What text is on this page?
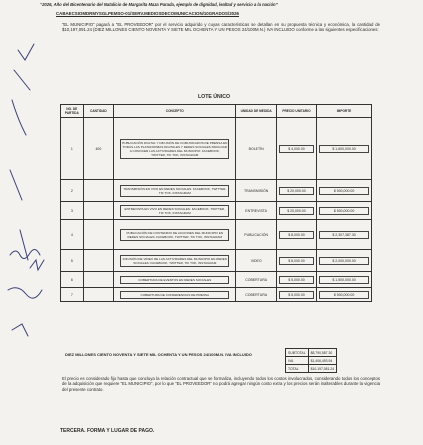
“2026, Año del Bicentenario del Natalicio de Margarita Maza Parada, ejemplo de dignidad, lealtad y servicio a la nación”
CABAECSIOMDRMYSGLPEMSO-01/SERV.MEDIOSDECOMUNICACION/10GRADOS/2026
“EL MUNICIPIO” pagará a “EL PROVEEDOR” por el servicio adquirido y cuyas características se detallan en su propuesta técnica y económica, la cantidad de $10,197,091.24 (DIEZ MILLONES CIENTO NOVENTA Y SIETE MIL OCHENTA Y UN PESOS 24/100M.N.) IVA INCLUIDO conforme a las siguientes especificaciones:
LOTE ÚNICO
NO. DE PARTIDA	CANTIDAD	CONCEPTO	UNIDAD DE MEDIDA	PRECIO UNITARIO	IMPORTE

1	400	PUBLICACIÓN DIGITAL Y DIFUSIÓN DE COMUNICADOS DE PRENSA EN TODAS LAS PLATAFORMAS DIGITALES Y REDES SOCIALES PARA DAR A CONOCER LAS ACTIVIDADES DEL MUNICIPIO: FACEBOOK, TWITTER, TIK TOK, INSTAGRAM	BOLETÍN	$ 4,000.00	$ 1,600,000.00

2		TRANSMISIÓN EN VIVO EN REDES SOCIALES: FACEBOOK, TWITTER, TIK TOK, INSTAGRAM	TRANSMISIÓN	$ 20,000.00	$ 500,000.00

3		ENTREVISTA EN VIVO EN REDES SOCIALES: FACEBOOK, TWITTER, TIK TOK, INSTAGRAM	ENTREVISTA	$ 20,000.00	$ 500,000.00

4		PUBLICACIÓN DE CONTENIDO DE ACCIONES DEL MUNICIPIO EN REDES SOCIALES: FACEBOOK, TWITTER, TIK TOK, INSTAGRAM	PUBLICACIÓN	$ 8,000.00	$ 2,307,387.30

5		DIFUSIÓN DE VIDEO DE LAS ACTIVIDADES DEL MUNICIPIO EN REDES SOCIALES: FACEBOOK, TWITTER, TIK TOK, INSTAGRAM	VIDEO	$ 8,000.00	$ 2,000,000.00

6		COBERTURA DE EVENTOS EN REDES SOCIALES	COBERTURA	$ 5,000.00	$ 1,500,000.00

7		COBERTURA DE CONFERENCIAS DE PRENSA	COBERTURA	$ 5,000.00	$ 500,000.00
DIEZ MILLONES CIENTO NOVENTA Y SIETE MIL OCHENTA Y UN PESOS 24/100M.N. IVA INCLUIDO	SUBTOTAL	$8,790,587.30
IVA	$1,406,493.94
TOTAL	$10,197,081.24
El precio es considerado fijo hasta que concluya la relación contractual que se formaliza, incluyendo todos los costos involucrados, considerando todos los conceptos de la adquisición que requiere “EL MUNICIPIO”, por lo que “EL PROVEEDOR” no podrá agregar ningún costo extra y los precios serán inalterables durante la vigencia del presente contrato.
TERCERA. FORMA Y LUGAR DE PAGO.
